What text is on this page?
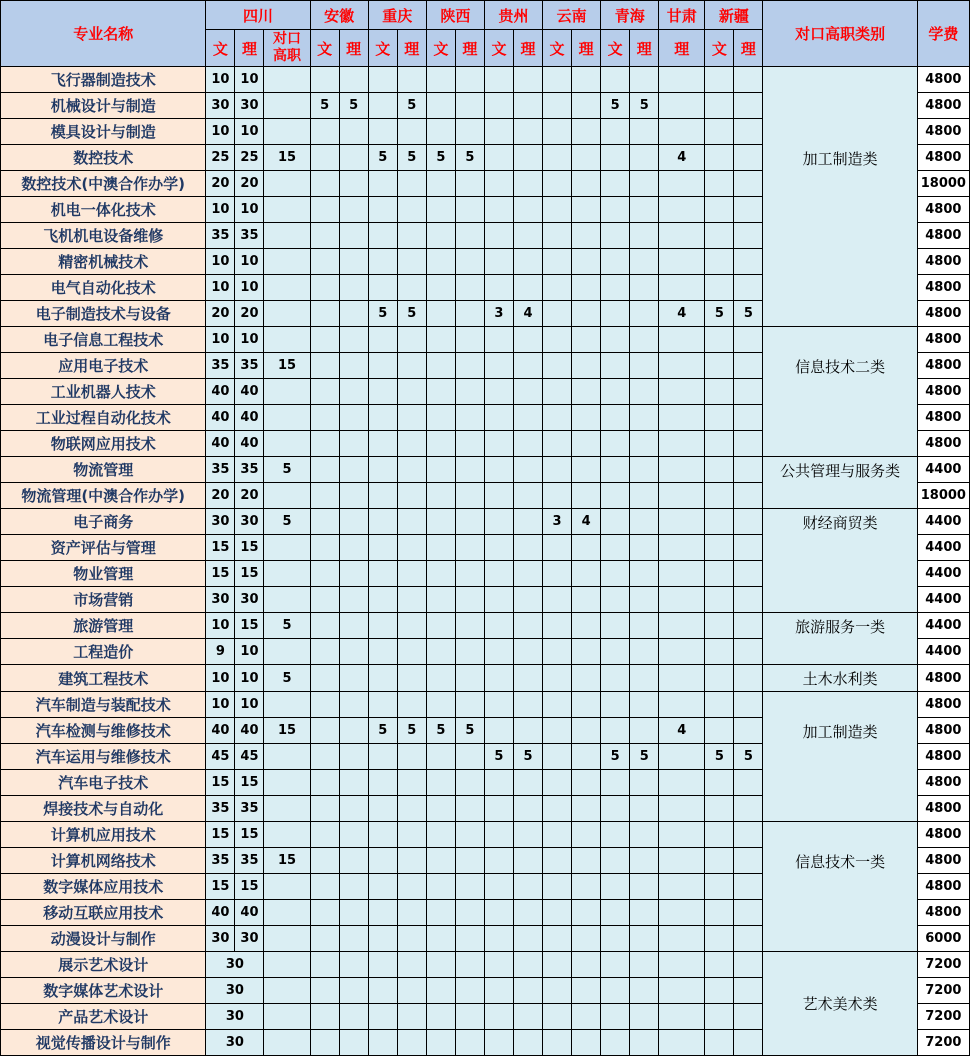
专业名称	四川			安徽		重庆		陕西		贵州		云南		青海		甘肃	新疆		对口高职类别	学费
	文	理	对口高职	文	理	文	理	文	理	文	理	文	理	文	理	理	文	理		
飞行器制造技术	10	10																	加工制造类	4800
机械设计与制造	30	30		5	5		5							5	5					4800
模具设计与制造	10	10																		4800
数控技术	25	25	15			5	5	5	5							4				4800
数控技术(中澳合作办学)	20	20																		18000
机电一体化技术	10	10																		4800
飞机机电设备维修	35	35																		4800
精密机械技术	10	10																		4800
电气自动化技术	10	10																		4800
电子制造技术与设备	20	20				5	5			3	4					4	5	5		4800
电子信息工程技术	10	10																	信息技术二类	4800
应用电子技术	35	35	15																	4800
工业机器人技术	40	40																		4800
工业过程自动化技术	40	40																		4800
物联网应用技术	40	40																		4800
物流管理	35	35	5																公共管理与服务类	4400
物流管理(中澳合作办学)	20	20																		18000
电子商务	30	30	5									3	4						财经商贸类	4400
资产评估与管理	15	15																		4400
物业管理	15	15																		4400
市场营销	30	30																		4400
旅游管理	10	15	5																旅游服务一类	4400
工程造价	9	10																		4400
建筑工程技术	10	10	5																土木水利类	4800
汽车制造与装配技术	10	10																	加工制造类	4800
汽车检测与维修技术	40	40	15			5	5	5	5							4				4800
汽车运用与维修技术	45	45								5	5			5	5		5	5		4800
汽车电子技术	15	15																		4800
焊接技术与自动化	35	35																		4800
计算机应用技术	15	15																	信息技术一类	4800
计算机网络技术	35	35	15																	4800
数字媒体应用技术	15	15																		4800
移动互联应用技术	40	40																		4800
动漫设计与制作	30	30																		6000
展示艺术设计	30																		艺术美术类	7200
数字媒体艺术设计	30																			7200
产品艺术设计	30																			7200
视觉传播设计与制作	30																			7200
